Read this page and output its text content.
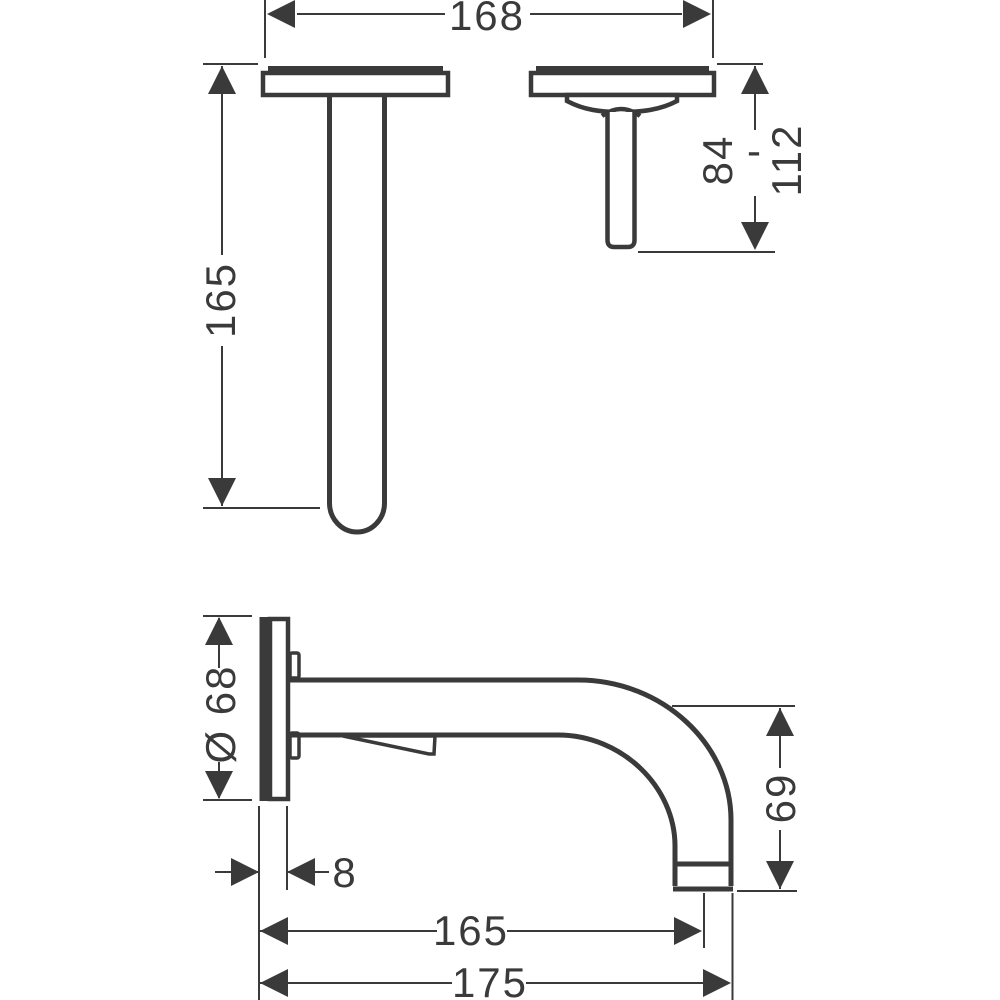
168
165
84 - 112
Ø 68
8
69
165
175
